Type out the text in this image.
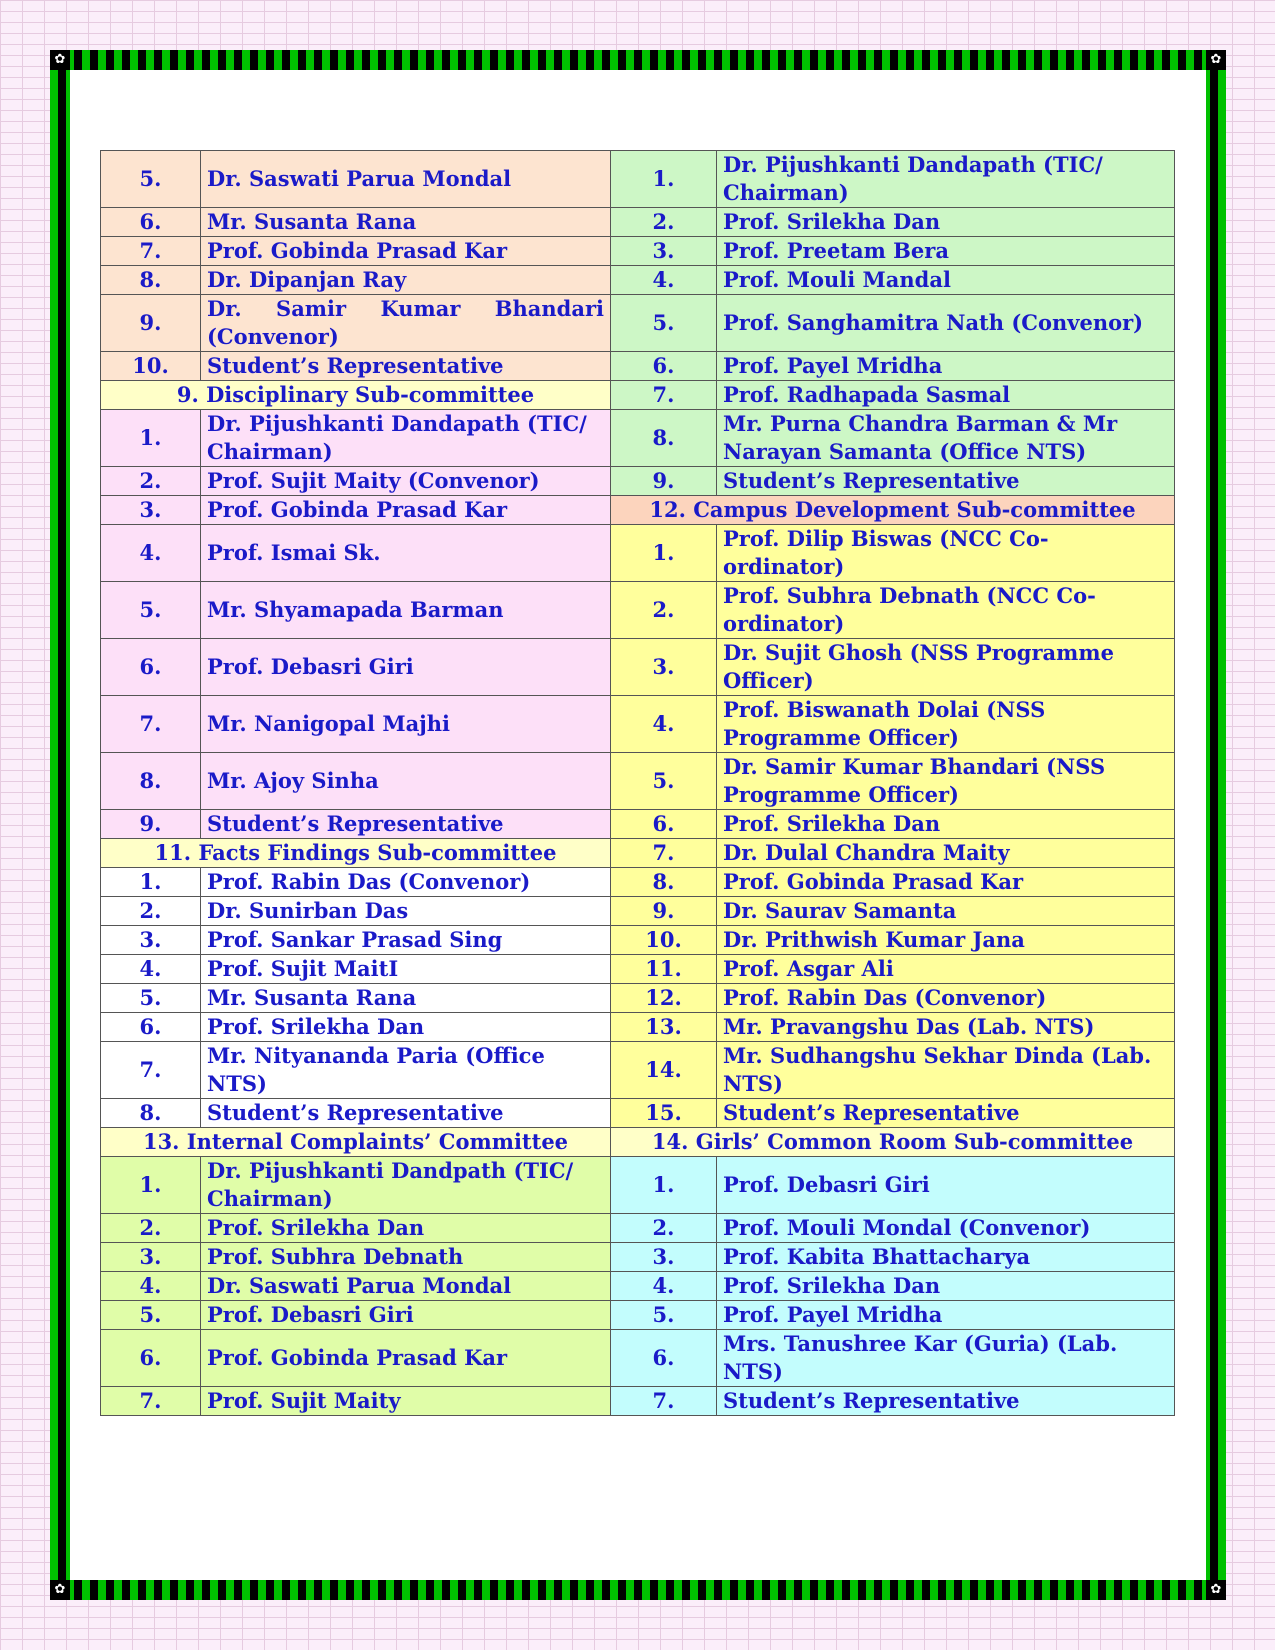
✿	✿
✿	✿
5.	Dr. Saswati Parua Mondal	1.	Dr. Pijushkanti Dandapath (TIC/ Chairman)
6.	Mr. Susanta Rana	2.	Prof. Srilekha Dan
7.	Prof. Gobinda Prasad Kar	3.	Prof. Preetam Bera
8.	Dr. Dipanjan Ray	4.	Prof. Mouli Mandal
9.	Dr. Samir Kumar Bhandari (Convenor)	5.	Prof. Sanghamitra Nath (Convenor)
10.	Student’s Representative	6.	Prof. Payel Mridha
9. Disciplinary Sub-committee		7.	Prof. Radhapada Sasmal
1.	Dr. Pijushkanti Dandapath (TIC/ Chairman)	8.	Mr. Purna Chandra Barman & Mr Narayan Samanta (Office NTS)
2.	Prof. Sujit Maity (Convenor)	9.	Student’s Representative
3.	Prof. Gobinda Prasad Kar	12. Campus Development Sub-committee	
4.	Prof. Ismai Sk.	1.	Prof. Dilip Biswas (NCC Co-ordinator)
5.	Mr. Shyamapada Barman	2.	Prof. Subhra Debnath (NCC Co-ordinator)
6.	Prof. Debasri Giri	3.	Dr. Sujit Ghosh (NSS Programme Officer)
7.	Mr. Nanigopal Majhi	4.	Prof. Biswanath Dolai (NSS Programme Officer)
8.	Mr. Ajoy Sinha	5.	Dr. Samir Kumar Bhandari (NSS Programme Officer)
9.	Student’s Representative	6.	Prof. Srilekha Dan
11. Facts Findings Sub-committee		7.	Dr. Dulal Chandra Maity
1.	Prof. Rabin Das (Convenor)	8.	Prof. Gobinda Prasad Kar
2.	Dr. Sunirban Das	9.	Dr. Saurav Samanta
3.	Prof. Sankar Prasad Sing	10.	Dr. Prithwish Kumar Jana
4.	Prof. Sujit MaitI	11.	Prof. Asgar Ali
5.	Mr. Susanta Rana	12.	Prof. Rabin Das (Convenor)
6.	Prof. Srilekha Dan	13.	Mr. Pravangshu Das (Lab. NTS)
7.	Mr. Nityananda Paria (Office NTS)	14.	Mr. Sudhangshu Sekhar Dinda (Lab. NTS)
8.	Student’s Representative	15.	Student’s Representative
13. Internal Complaints’ Committee		14. Girls’ Common Room Sub-committee	
1.	Dr. Pijushkanti Dandpath (TIC/ Chairman)	1.	Prof. Debasri Giri
2.	Prof. Srilekha Dan	2.	Prof. Mouli Mondal (Convenor)
3.	Prof. Subhra Debnath	3.	Prof. Kabita Bhattacharya
4.	Dr. Saswati Parua Mondal	4.	Prof. Srilekha Dan
5.	Prof. Debasri Giri	5.	Prof. Payel Mridha
6.	Prof. Gobinda Prasad Kar	6.	Mrs. Tanushree Kar (Guria) (Lab. NTS)
7.	Prof. Sujit Maity	7.	Student’s Representative
